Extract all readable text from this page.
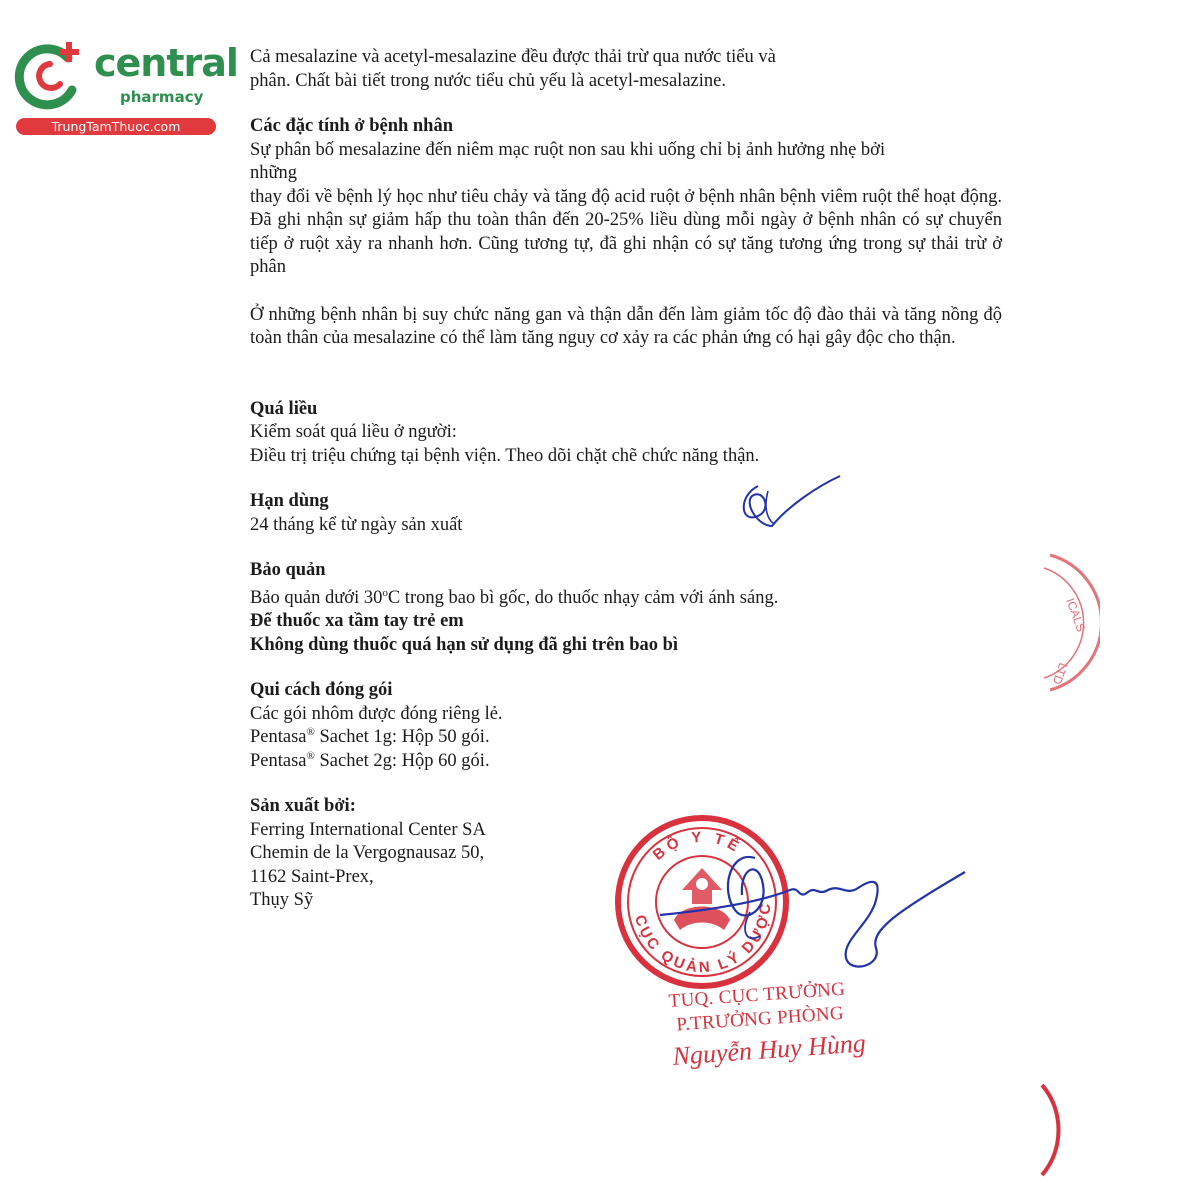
central
pharmacy
TrungTamThuoc.com

Cả mesalazine và acetyl-mesalazine đều được thải trừ qua nước tiểu và

phân. Chất bài tiết trong nước tiểu chủ yếu là acetyl-mesalazine.

Các đặc tính ở bệnh nhân

Sự phân bố mesalazine đến niêm mạc ruột non sau khi uống chỉ bị ảnh hưởng nhẹ bởi

những

thay đổi về bệnh lý học như tiêu chảy và tăng độ acid ruột ở bệnh nhân bệnh viêm ruột thể hoạt động. Đã ghi nhận sự giảm hấp thu toàn thân đến 20-25% liều dùng mỗi ngày ở bệnh nhân có sự chuyển tiếp ở ruột xảy ra nhanh hơn. Cũng tương tự, đã ghi nhận có sự tăng tương ứng trong sự thải trừ ở phân

Ở những bệnh nhân bị suy chức năng gan và thận dẫn đến làm giảm tốc độ đào thải và tăng nồng độ toàn thân của mesalazine có thể làm tăng nguy cơ xảy ra các phản ứng có hại gây độc cho thận.

Quá liều

Kiểm soát quá liều ở người:

Điều trị triệu chứng tại bệnh viện. Theo dõi chặt chẽ chức năng thận.

Hạn dùng

24 tháng kể từ ngày sản xuất

Bảo quản

Bảo quản dưới 30$^o$C trong bao bì gốc, do thuốc nhạy cảm với ánh sáng.

Để thuốc xa tầm tay trẻ em

Không dùng thuốc quá hạn sử dụng đã ghi trên bao bì

Qui cách đóng gói

Các gói nhôm được đóng riêng lẻ.

Pentasa® Sachet 1g: Hộp 50 gói.

Pentasa® Sachet 2g: Hộp 60 gói.

Sản xuất bởi:

Ferring International Center SA

Chemin de la Vergognausaz 50,

1162 Saint-Prex,

Thụy Sỹ

ICALS
LTD
BỘ Y TẾ
CỤC QUẢN LÝ DƯỢC
TUQ. CỤC TRƯỞNG
P.TRƯỞNG PHÒNG
Nguyễn Huy Hùng
